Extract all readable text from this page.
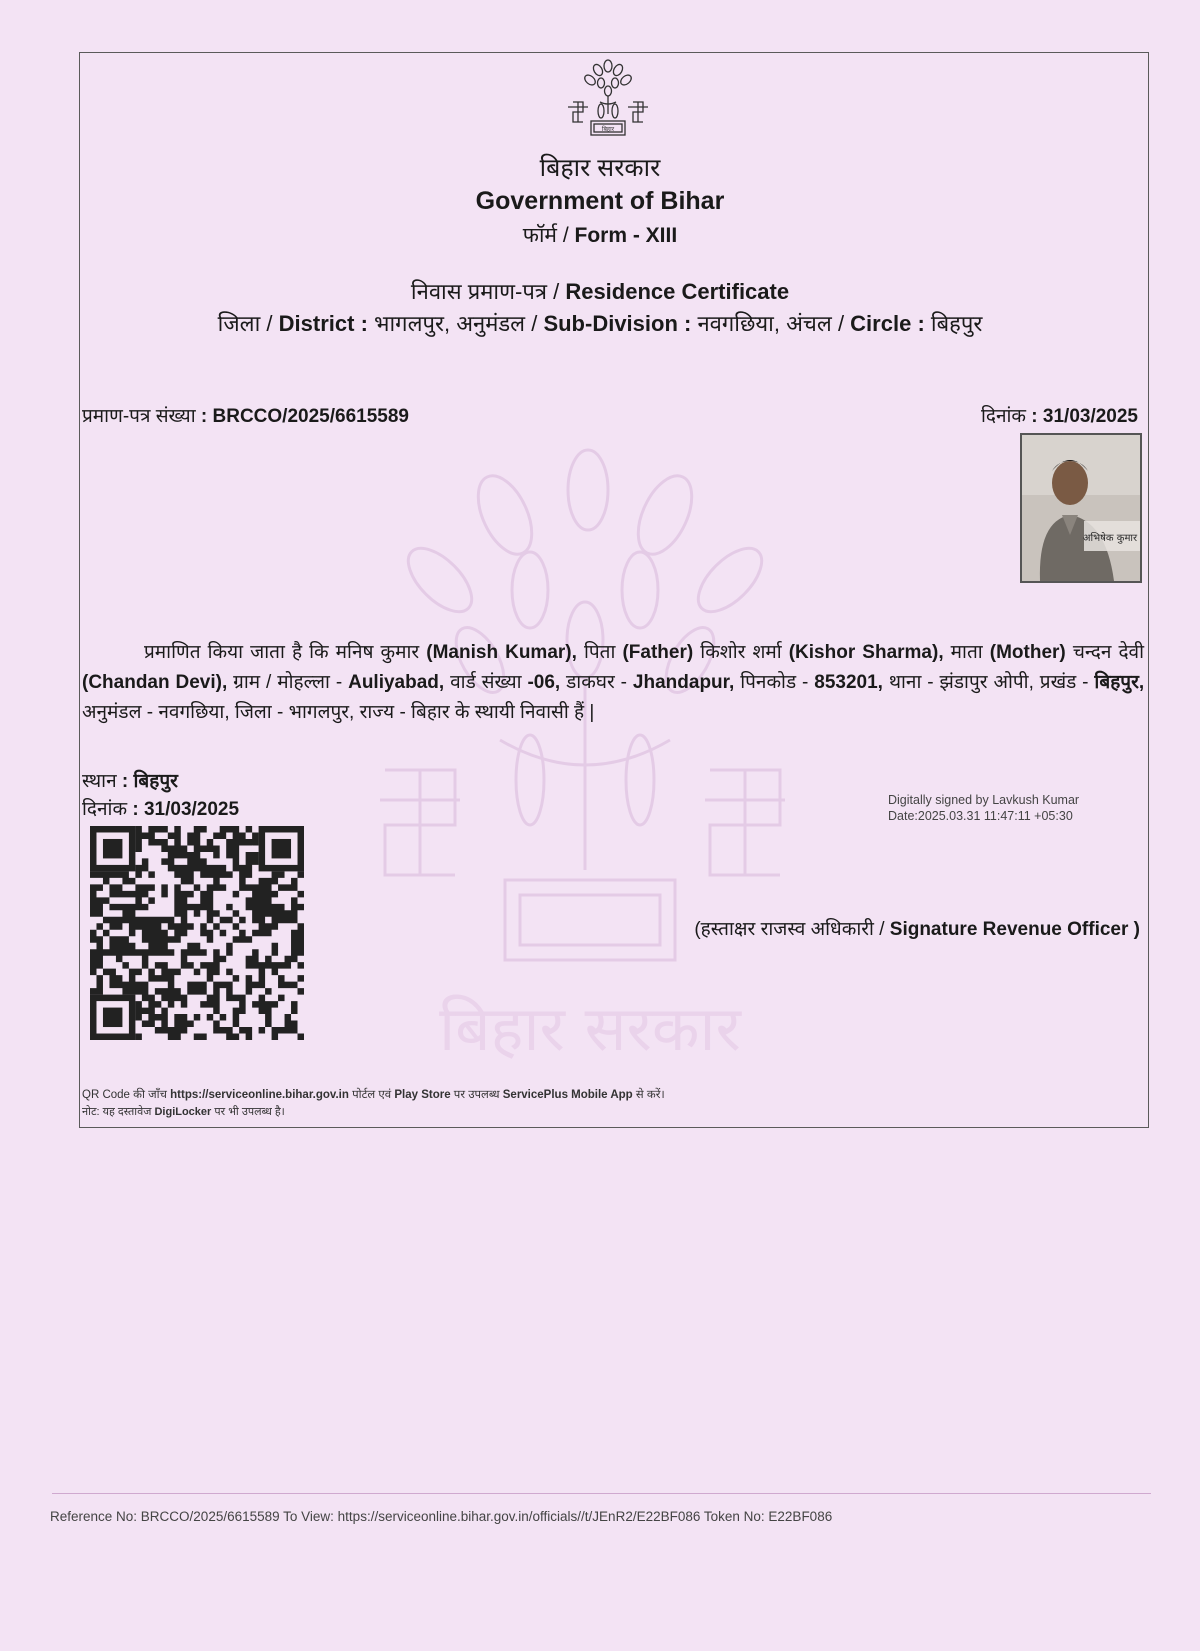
बिहार
बिहार सरकार
बिहार सरकार
Government of Bihar
फॉर्म / Form - XIII
निवास प्रमाण-पत्र / Residence Certificate
जिला / District : भागलपुर, अनुमंडल / Sub-Division : नवगछिया, अंचल / Circle : बिहपुर
प्रमाण-पत्र संख्या : BRCCO/2025/6615589	दिनांक : 31/03/2025
अभिषेक कुमार
प्रमाणित किया जाता है कि मनिष कुमार (Manish Kumar), पिता (Father) किशोर शर्मा (Kishor Sharma), माता (Mother) चन्दन देवी (Chandan Devi), ग्राम / मोहल्ला - Auliyabad, वार्ड संख्या -06, डाकघर - Jhandapur, पिनकोड - 853201, थाना - झंडापुर ओपी, प्रखंड - बिहपुर, अनुमंडल - नवगछिया, जिला - भागलपुर, राज्य - बिहार के स्थायी निवासी हैं |
स्थान : बिहपुर
दिनांक : 31/03/2025	Digitally signed by Lavkush Kumar
Date:2025.03.31 11:47:11 +05:30
(हस्ताक्षर राजस्व अधिकारी / Signature Revenue Officer )
QR Code की जाँच https://serviceonline.bihar.gov.in पोर्टल एवं Play Store पर उपलब्ध ServicePlus Mobile App से करें।
नोट: यह दस्तावेज DigiLocker पर भी उपलब्ध है।
Reference No: BRCCO/2025/6615589 To View: https://serviceonline.bihar.gov.in/officials//t/JEnR2/E22BF086 Token No: E22BF086
